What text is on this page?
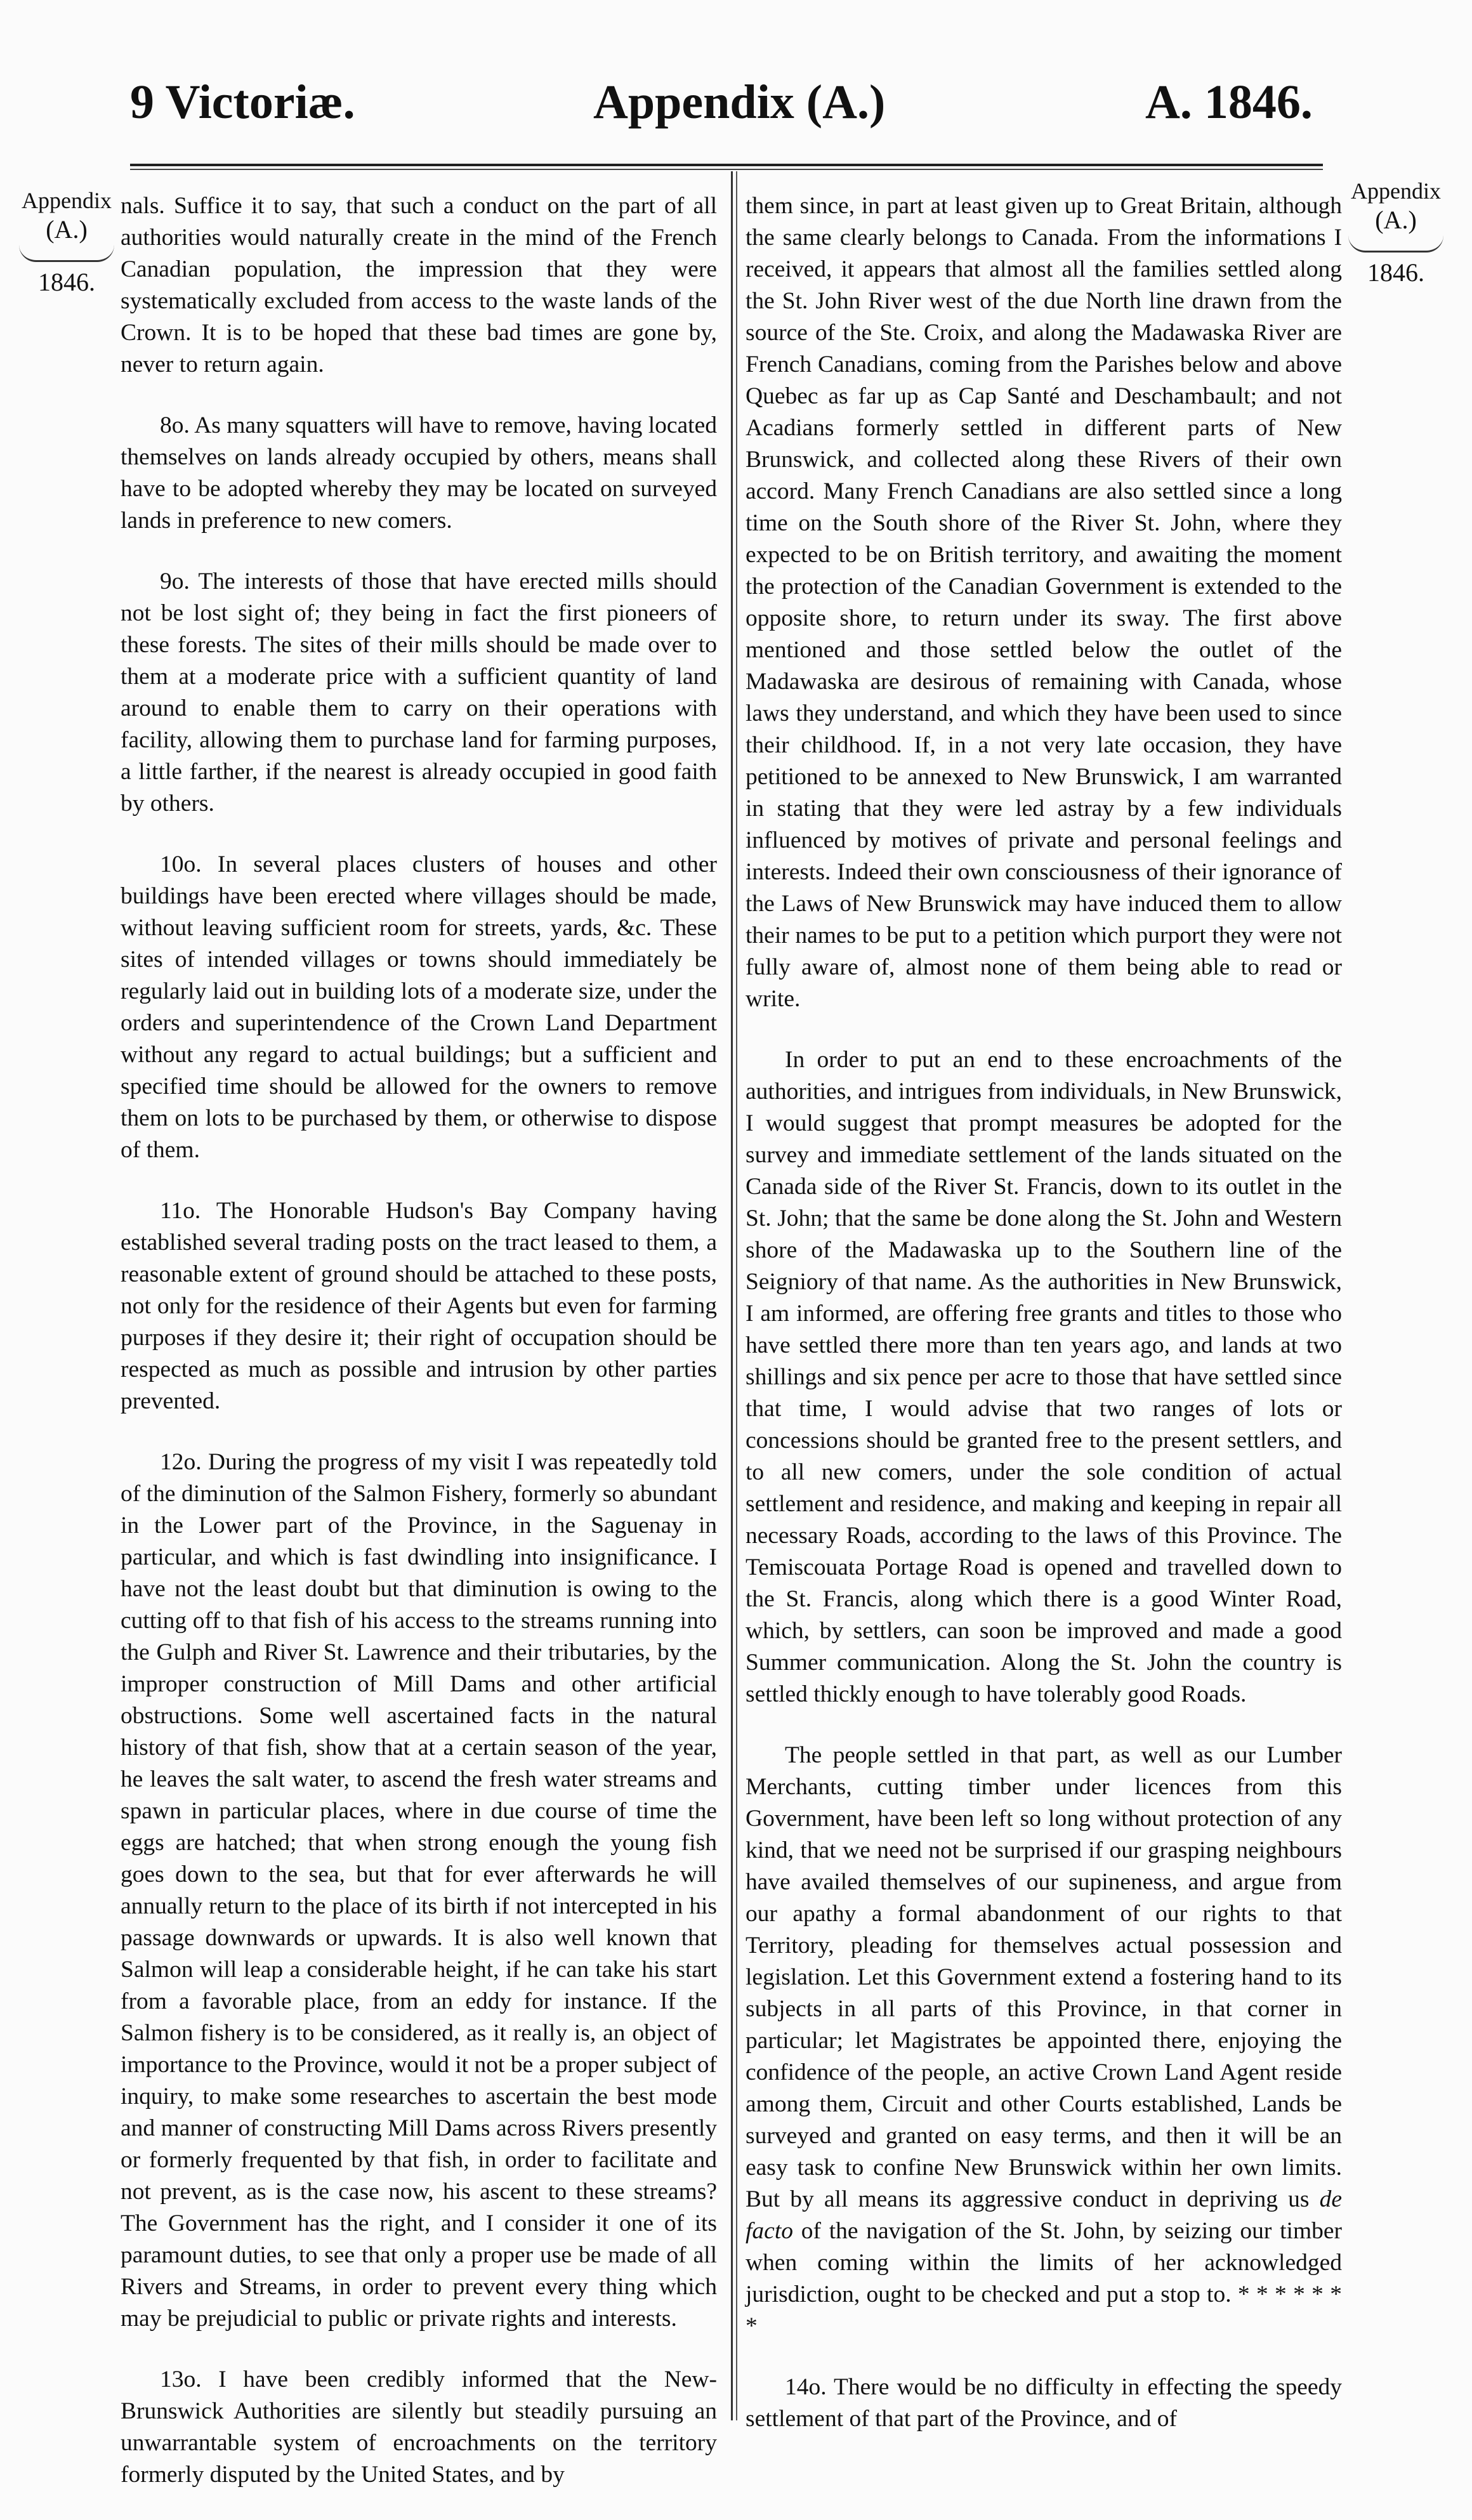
9 Victoriæ.	Appendix (A.)	A. 1846.
Appendix
(A.)
1846.
Appendix
(A.)
1846.

nals. Suffice it to say, that such a conduct on the part of all authorities would naturally create in the mind of the French Canadian population, the impression that they were systematically excluded from access to the waste lands of the Crown. It is to be hoped that these bad times are gone by, never to return again.

8o. As many squatters will have to remove, having located themselves on lands already occupied by others, means shall have to be adopted whereby they may be located on surveyed lands in preference to new comers.

9o. The interests of those that have erected mills should not be lost sight of; they being in fact the first pioneers of these forests. The sites of their mills should be made over to them at a moderate price with a sufficient quantity of land around to enable them to carry on their operations with facility, allowing them to purchase land for farming purposes, a little farther, if the nearest is already occupied in good faith by others.

10o. In several places clusters of houses and other buildings have been erected where villages should be made, without leaving sufficient room for streets, yards, &c. These sites of intended villages or towns should immediately be regularly laid out in building lots of a moderate size, under the orders and superintendence of the Crown Land Department without any regard to actual buildings; but a sufficient and specified time should be allowed for the owners to remove them on lots to be purchased by them, or otherwise to dispose of them.

11o. The Honorable Hudson's Bay Company having established several trading posts on the tract leased to them, a reasonable extent of ground should be attached to these posts, not only for the residence of their Agents but even for farming purposes if they desire it; their right of occupation should be respected as much as possible and intrusion by other parties prevented.

12o. During the progress of my visit I was repeatedly told of the diminution of the Salmon Fishery, formerly so abundant in the Lower part of the Province, in the Saguenay in particular, and which is fast dwindling into insignificance. I have not the least doubt but that diminution is owing to the cutting off to that fish of his access to the streams running into the Gulph and River St. Lawrence and their tributaries, by the improper construction of Mill Dams and other artificial obstructions. Some well ascertained facts in the natural history of that fish, show that at a certain season of the year, he leaves the salt water, to ascend the fresh water streams and spawn in particular places, where in due course of time the eggs are hatched; that when strong enough the young fish goes down to the sea, but that for ever afterwards he will annually return to the place of its birth if not intercepted in his passage downwards or upwards. It is also well known that Salmon will leap a considerable height, if he can take his start from a favorable place, from an eddy for instance. If the Salmon fishery is to be considered, as it really is, an object of importance to the Province, would it not be a proper subject of inquiry, to make some researches to ascertain the best mode and manner of constructing Mill Dams across Rivers presently or formerly frequented by that fish, in order to facilitate and not prevent, as is the case now, his ascent to these streams? The Government has the right, and I consider it one of its paramount duties, to see that only a proper use be made of all Rivers and Streams, in order to prevent every thing which may be prejudicial to public or private rights and interests.

13o. I have been credibly informed that the New-Brunswick Authorities are silently but steadily pursuing an unwarrantable system of encroachments on the territory formerly disputed by the United States, and by

them since, in part at least given up to Great Britain, although the same clearly belongs to Canada. From the informations I received, it appears that almost all the families settled along the St. John River west of the due North line drawn from the source of the Ste. Croix, and along the Madawaska River are French Canadians, coming from the Parishes below and above Quebec as far up as Cap Santé and Deschambault; and not Acadians formerly settled in different parts of New Brunswick, and collected along these Rivers of their own accord. Many French Canadians are also settled since a long time on the South shore of the River St. John, where they expected to be on British territory, and awaiting the moment the protection of the Canadian Government is extended to the opposite shore, to return under its sway. The first above mentioned and those settled below the outlet of the Madawaska are desirous of remaining with Canada, whose laws they understand, and which they have been used to since their childhood. If, in a not very late occasion, they have petitioned to be annexed to New Brunswick, I am warranted in stating that they were led astray by a few individuals influenced by motives of private and personal feelings and interests. Indeed their own consciousness of their ignorance of the Laws of New Brunswick may have induced them to allow their names to be put to a petition which purport they were not fully aware of, almost none of them being able to read or write.

In order to put an end to these encroachments of the authorities, and intrigues from individuals, in New Brunswick, I would suggest that prompt measures be adopted for the survey and immediate settlement of the lands situated on the Canada side of the River St. Francis, down to its outlet in the St. John; that the same be done along the St. John and Western shore of the Madawaska up to the Southern line of the Seigniory of that name. As the authorities in New Brunswick, I am informed, are offering free grants and titles to those who have settled there more than ten years ago, and lands at two shillings and six pence per acre to those that have settled since that time, I would advise that two ranges of lots or concessions should be granted free to the present settlers, and to all new comers, under the sole condition of actual settlement and residence, and making and keeping in repair all necessary Roads, according to the laws of this Province. The Temiscouata Portage Road is opened and travelled down to the St. Francis, along which there is a good Winter Road, which, by settlers, can soon be improved and made a good Summer communication. Along the St. John the country is settled thickly enough to have tolerably good Roads.

The people settled in that part, as well as our Lumber Merchants, cutting timber under licences from this Government, have been left so long without protection of any kind, that we need not be surprised if our grasping neighbours have availed themselves of our supineness, and argue from our apathy a formal abandonment of our rights to that Territory, pleading for themselves actual possession and legislation. Let this Government extend a fostering hand to its subjects in all parts of this Province, in that corner in particular; let Magistrates be appointed there, enjoying the confidence of the people, an active Crown Land Agent reside among them, Circuit and other Courts established, Lands be surveyed and granted on easy terms, and then it will be an easy task to confine New Brunswick within her own limits. But by all means its aggressive conduct in depriving us de facto of the navigation of the St. John, by seizing our timber when coming within the limits of her acknowledged jurisdiction, ought to be checked and put a stop to. * * * * * * *

14o. There would be no difficulty in effecting the speedy settlement of that part of the Province, and of
